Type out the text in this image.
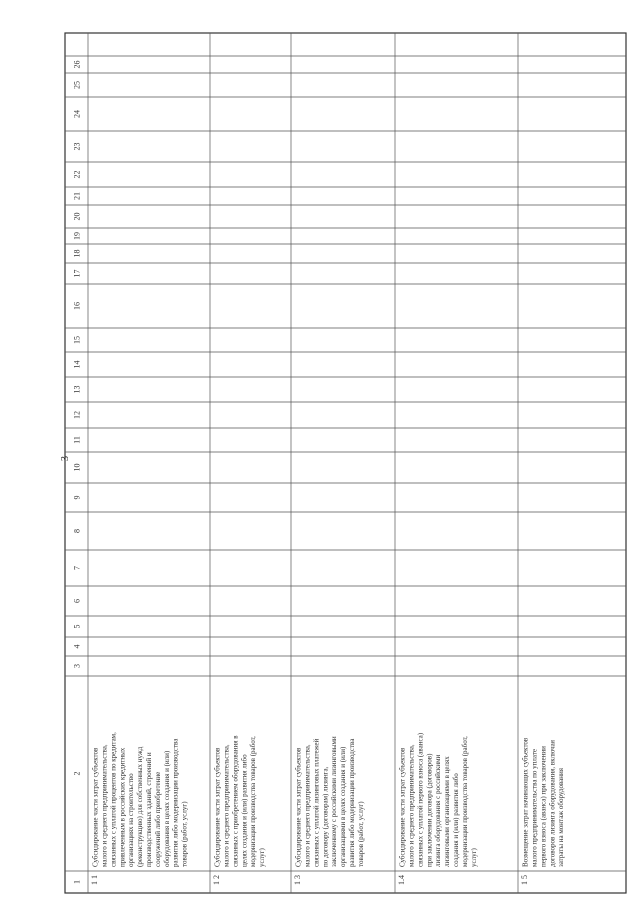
3
1
2
3
4
5
6
7
8
9
10
11
12
13
14
15
16
17
18
19
20
21
22
23
24
25
26
1 1
Субсидирование части затрат субъектов малого и среднего предпринимательства, связанных с уплатой процентов по кредитам, привлеченным в российских кредитных организациях на строительство (реконструкцию) для собственных нужд производственных зданий, строений и сооружений либо приобретение оборудования в целях создания и (или) развития либо модернизации производства товаров (работ, услуг)
1 2
Субсидирование части затрат субъектов малого и среднего предпринимательства, связанных с приобретением оборудования в целях создания и (или) развития либо модернизации производства товаров (работ, услуг)
1 3
Субсидирование части затрат субъектов малого и среднего предпринимательства, связанных с уплатой лизинговых платежей по договору (договорам) лизинга, заключенному с российскими лизинговыми организациями в целях создания и (или) развития либо модернизации производства товаров (работ, услуг)
1.4
Субсидирование части затрат субъектов малого и среднего предпринимательства, связанных с уплатой первого взноса (аванса) при заключении договора (договоров) лизинга оборудования с российскими лизинговыми организациями в целях создания и (или) развития либо модернизации производства товаров (работ, услуг)
1 5
Возмещение затрат начинающих субъектов малого предпринимательства по уплате первого взноса (аванса) при заключении договоров лизинга оборудования, включая затраты на монтаж оборудования
